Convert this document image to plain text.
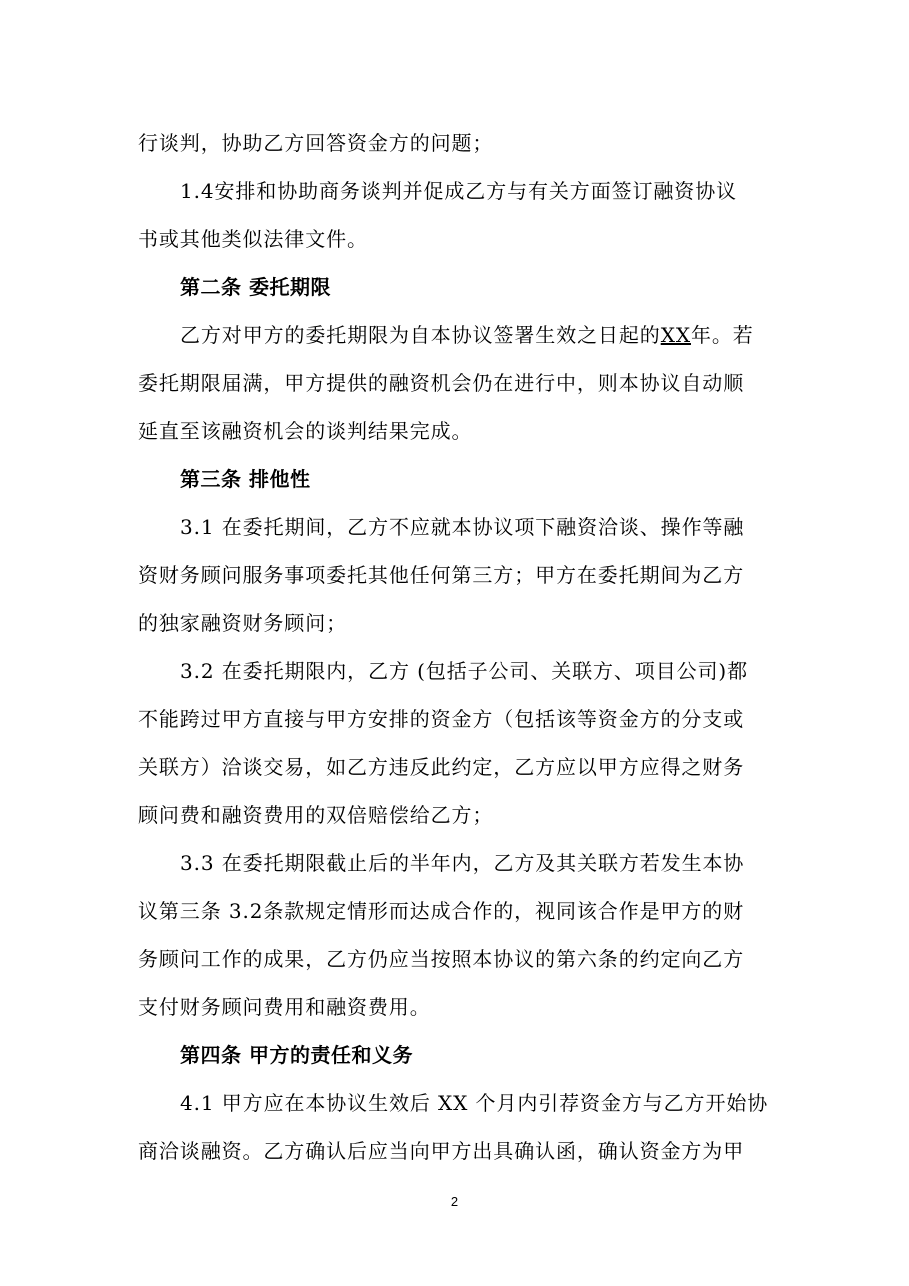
行谈判，协助乙方回答资金方的问题；
1.4安排和协助商务谈判并促成乙方与有关方面签订融资协议
书或其他类似法律文件。
第二条 委托期限
乙方对甲方的委托期限为自本协议签署生效之日起的XX年。若
委托期限届满，甲方提供的融资机会仍在进行中，则本协议自动顺
延直至该融资机会的谈判结果完成。
第三条 排他性
3.1 在委托期间，乙方不应就本协议项下融资洽谈、操作等融
资财务顾问服务事项委托其他任何第三方；甲方在委托期间为乙方
的独家融资财务顾问；
3.2 在委托期限内，乙方 (包括子公司、关联方、项目公司)都
不能跨过甲方直接与甲方安排的资金方（包括该等资金方的分支或
关联方）洽谈交易，如乙方违反此约定，乙方应以甲方应得之财务
顾问费和融资费用的双倍赔偿给乙方；
3.3 在委托期限截止后的半年内，乙方及其关联方若发生本协
议第三条 3.2条款规定情形而达成合作的，视同该合作是甲方的财
务顾问工作的成果，乙方仍应当按照本协议的第六条的约定向乙方
支付财务顾问费用和融资费用。
第四条 甲方的责任和义务
4.1 甲方应在本协议生效后 XX 个月内引荐资金方与乙方开始协
商洽谈融资。乙方确认后应当向甲方出具确认函，确认资金方为甲
2
